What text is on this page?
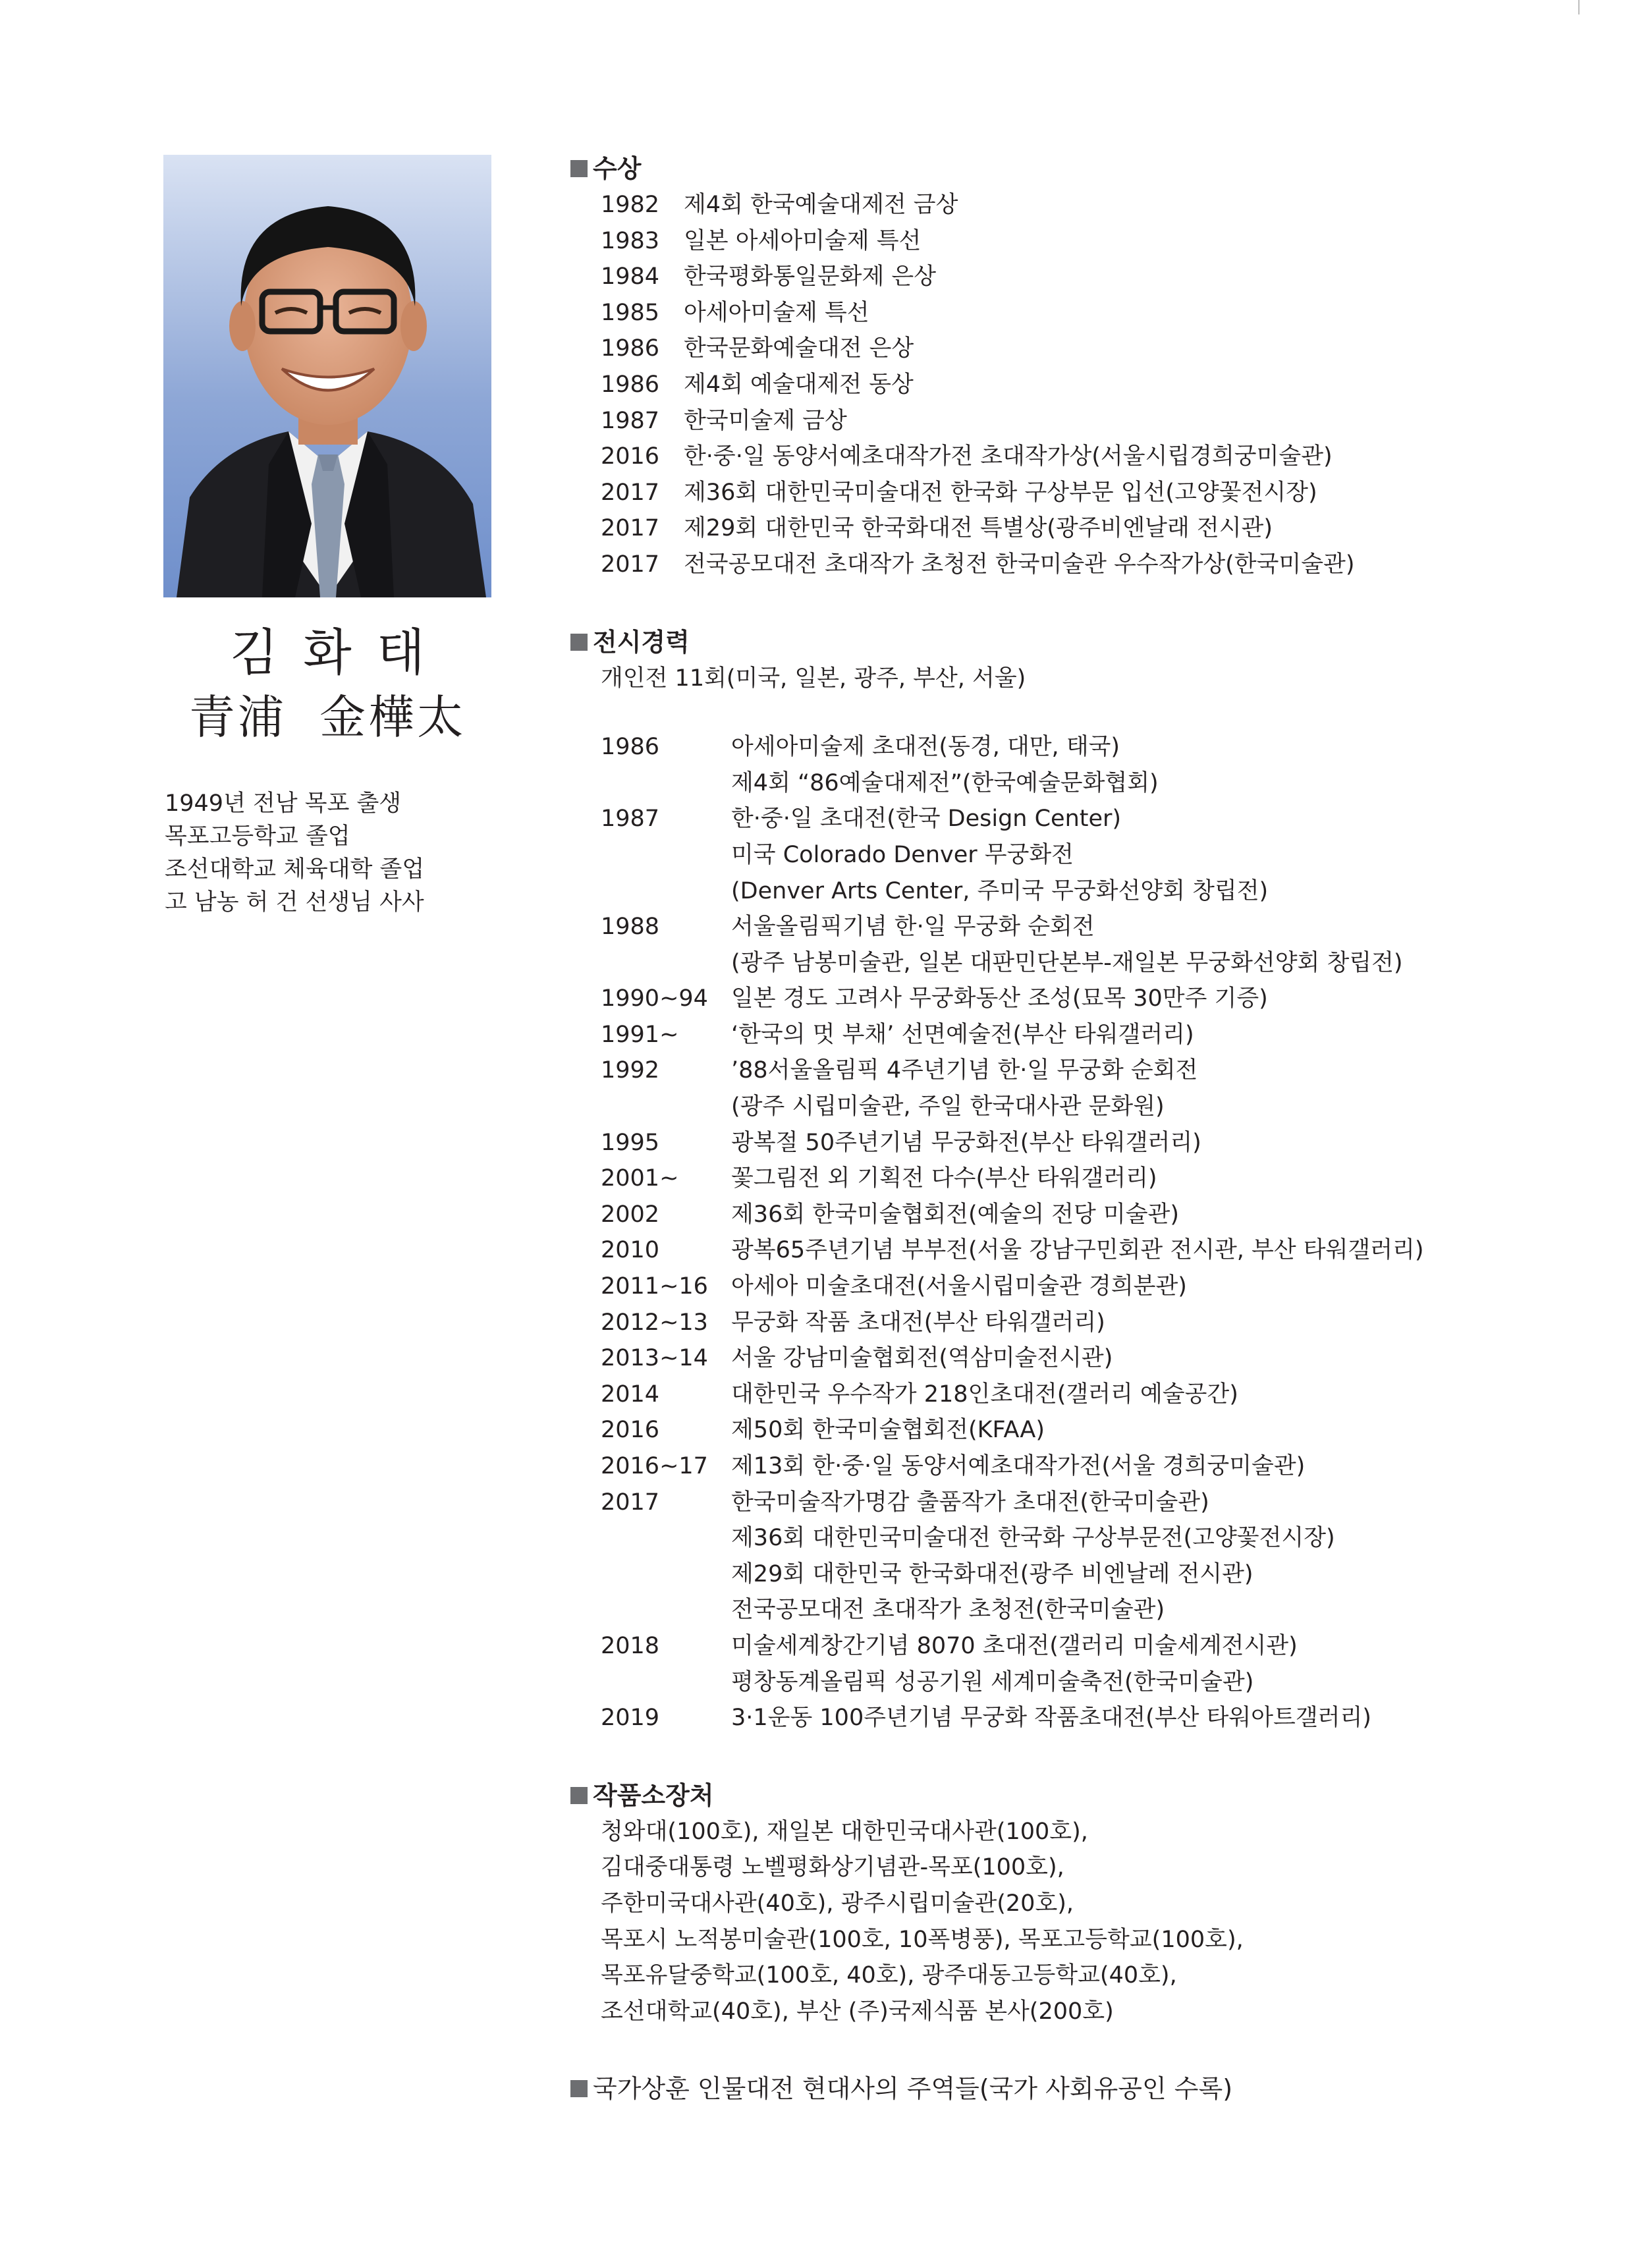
김화태
青浦 金樺太
1949년 전남 목포 출생
목포고등학교 졸업
조선대학교 체육대학 졸업
고 남농 허 건 선생님 사사
수상
1982	제4회 한국예술대제전 금상
1983	일본 아세아미술제 특선
1984	한국평화통일문화제 은상
1985	아세아미술제 특선
1986	한국문화예술대전 은상
1986	제4회 예술대제전 동상
1987	한국미술제 금상
2016	한·중·일 동양서예초대작가전 초대작가상(서울시립경희궁미술관)
2017	제36회 대한민국미술대전 한국화 구상부문 입선(고양꽃전시장)
2017	제29회 대한민국 한국화대전 특별상(광주비엔날래 전시관)
2017	전국공모대전 초대작가 초청전 한국미술관 우수작가상(한국미술관)
전시경력

개인전 11회(미국, 일본, 광주, 부산, 서울)

1986	아세아미술제 초대전(동경, 대만, 태국)
제4회 “86예술대제전”(한국예술문화협회)
1987	한·중·일 초대전(한국 Design Center)
미국 Colorado Denver 무궁화전
(Denver Arts Center, 주미국 무궁화선양회 창립전)
1988	서울올림픽기념 한·일 무궁화 순회전
(광주 남봉미술관, 일본 대판민단본부-재일본 무궁화선양회 창립전)
1990~94	일본 경도 고려사 무궁화동산 조성(묘목 30만주 기증)
1991~	‘한국의 멋 부채’ 선면예술전(부산 타워갤러리)
1992	’88서울올림픽 4주년기념 한·일 무궁화 순회전
(광주 시립미술관, 주일 한국대사관 문화원)
1995	광복절 50주년기념 무궁화전(부산 타워갤러리)
2001~	꽃그림전 외 기획전 다수(부산 타워갤러리)
2002	제36회 한국미술협회전(예술의 전당 미술관)
2010	광복65주년기념 부부전(서울 강남구민회관 전시관, 부산 타워갤러리)
2011~16	아세아 미술초대전(서울시립미술관 경희분관)
2012~13	무궁화 작품 초대전(부산 타워갤러리)
2013~14	서울 강남미술협회전(역삼미술전시관)
2014	대한민국 우수작가 218인초대전(갤러리 예술공간)
2016	제50회 한국미술협회전(KFAA)
2016~17	제13회 한·중·일 동양서예초대작가전(서울 경희궁미술관)
2017	한국미술작가명감 출품작가 초대전(한국미술관)
제36회 대한민국미술대전 한국화 구상부문전(고양꽃전시장)
제29회 대한민국 한국화대전(광주 비엔날레 전시관)
전국공모대전 초대작가 초청전(한국미술관)
2018	미술세계창간기념 8070 초대전(갤러리 미술세계전시관)
평창동계올림픽 성공기원 세계미술축전(한국미술관)
2019	3·1운동 100주년기념 무궁화 작품초대전(부산 타워아트갤러리)
작품소장처

청와대(100호), 재일본 대한민국대사관(100호),

김대중대통령 노벨평화상기념관-목포(100호),

주한미국대사관(40호), 광주시립미술관(20호),

목포시 노적봉미술관(100호, 10폭병풍), 목포고등학교(100호),

목포유달중학교(100호, 40호), 광주대동고등학교(40호),

조선대학교(40호), 부산 (주)국제식품 본사(200호)

국가상훈 인물대전 현대사의 주역들(국가 사회유공인 수록)
